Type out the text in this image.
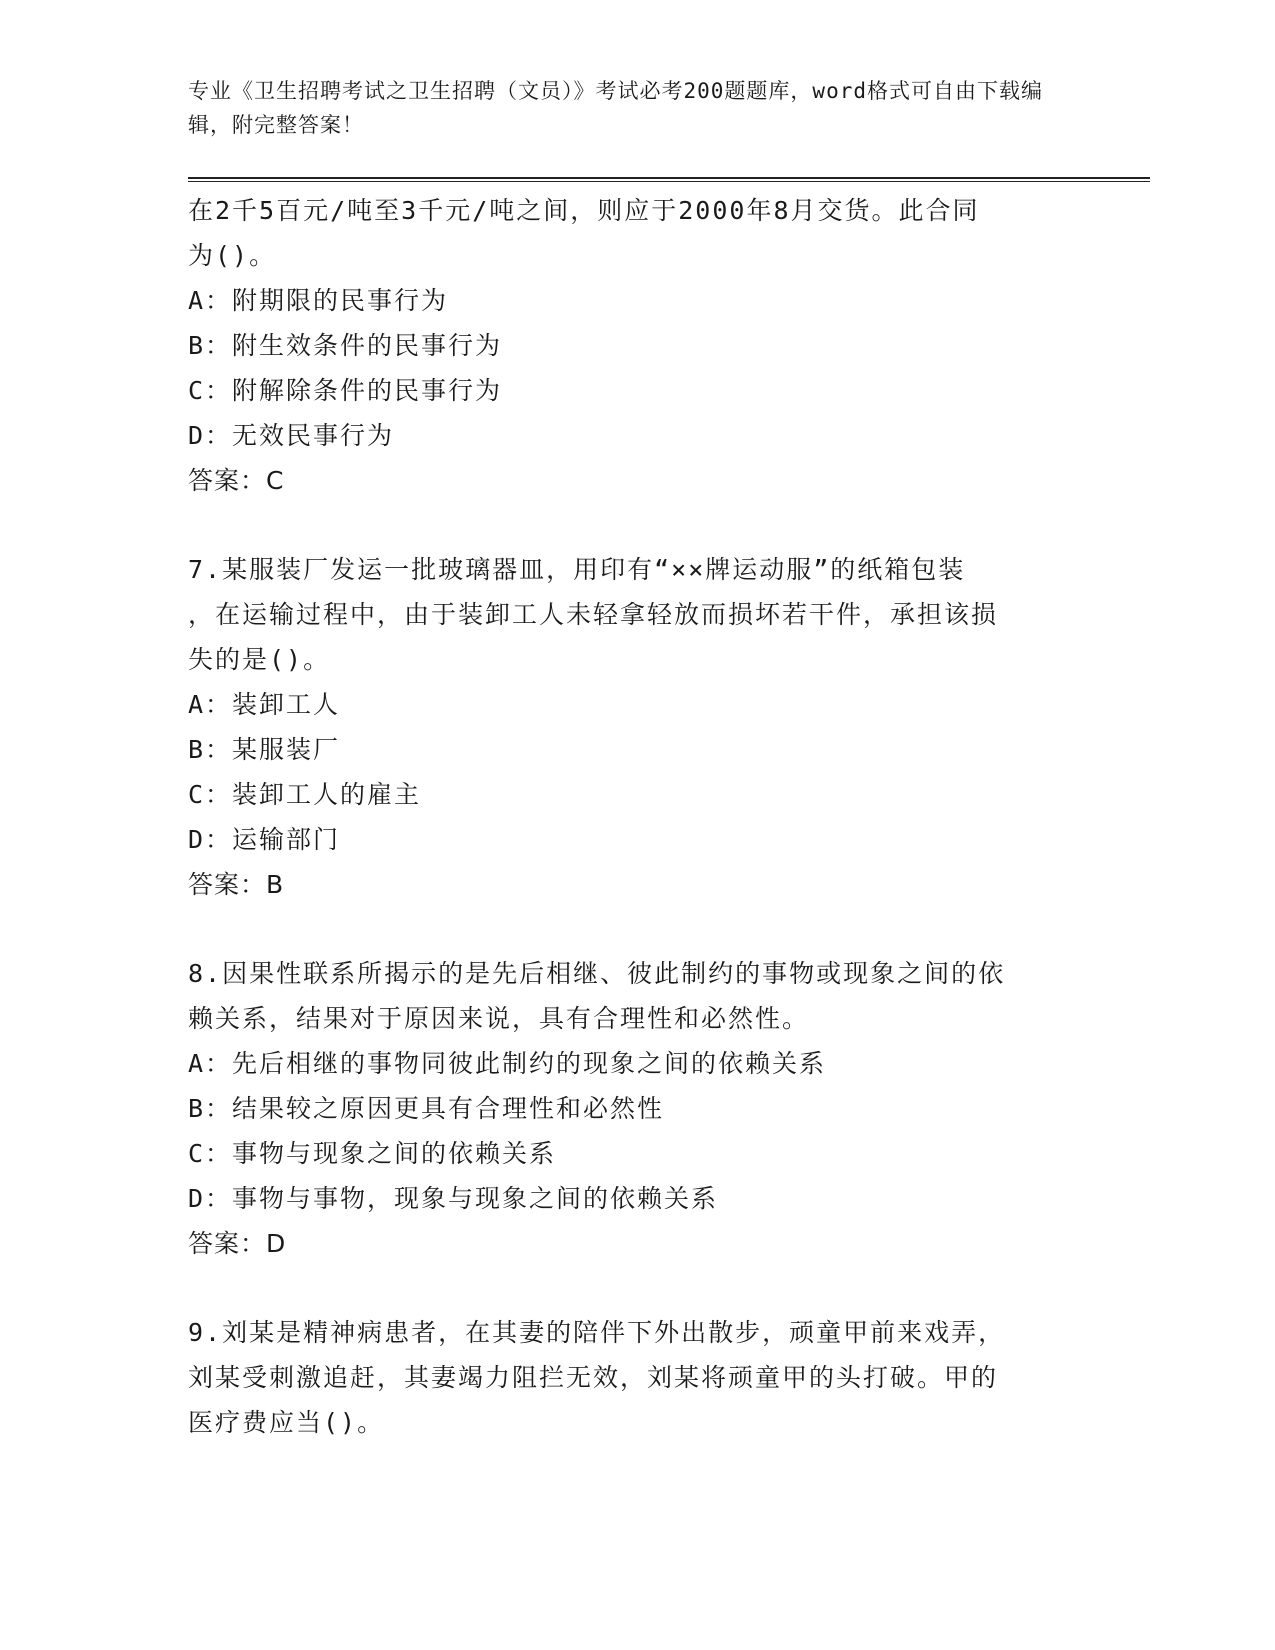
专业《卫生招聘考试之卫生招聘（文员）》考试必考200题题库，word格式可自由下载编辑，附完整答案！

在2千5百元/吨至3千元/吨之间，则应于2000年8月交货。此合同

为()。

A：附期限的民事行为

B：附生效条件的民事行为

C：附解除条件的民事行为

D：无效民事行为

答案：C

7.某服装厂发运一批玻璃器皿，用印有“××牌运动服”的纸箱包装

，在运输过程中，由于装卸工人未轻拿轻放而损坏若干件，承担该损

失的是()。

A：装卸工人

B：某服装厂

C：装卸工人的雇主

D：运输部门

答案：B

8.因果性联系所揭示的是先后相继、彼此制约的事物或现象之间的依

赖关系，结果对于原因来说，具有合理性和必然性。

A：先后相继的事物同彼此制约的现象之间的依赖关系

B：结果较之原因更具有合理性和必然性

C：事物与现象之间的依赖关系

D：事物与事物，现象与现象之间的依赖关系

答案：D

9.刘某是精神病患者，在其妻的陪伴下外出散步，顽童甲前来戏弄，

刘某受刺激追赶，其妻竭力阻拦无效，刘某将顽童甲的头打破。甲的

医疗费应当()。
